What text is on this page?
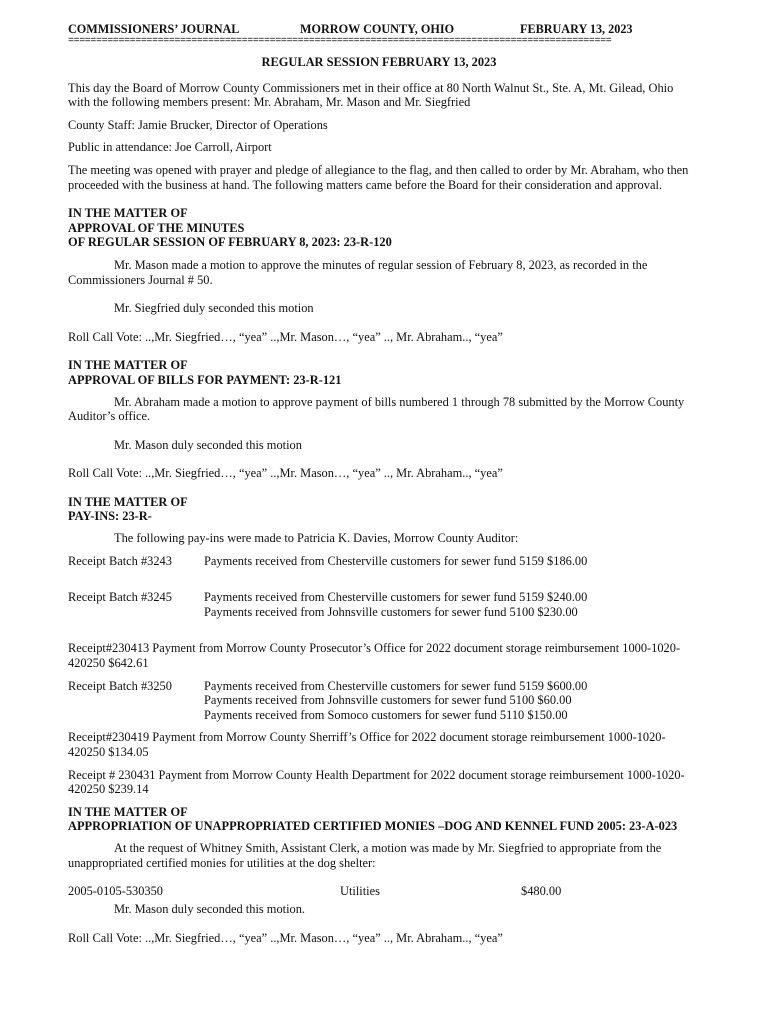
COMMISSIONERS’ JOURNAL	MORROW COUNTY, OHIO	FEBRUARY 13, 2023
=================================================================================================

REGULAR SESSION FEBRUARY 13, 2023

This day the Board of Morrow County Commissioners met in their office at 80 North Walnut St., Ste. A, Mt. Gilead, Ohio with the following members present: Mr. Abraham, Mr. Mason and Mr. Siegfried

County Staff: Jamie Brucker, Director of Operations

Public in attendance: Joe Carroll, Airport

The meeting was opened with prayer and pledge of allegiance to the flag, and then called to order by Mr. Abraham, who then proceeded with the business at hand. The following matters came before the Board for their consideration and approval.

IN THE MATTER OF

APPROVAL OF THE MINUTES

OF REGULAR SESSION OF FEBRUARY 8, 2023: 23-R-120

Mr. Mason made a motion to approve the minutes of regular session of February 8, 2023, as recorded in the Commissioners Journal # 50.

Mr. Siegfried duly seconded this motion

Roll Call Vote: ..,Mr. Siegfried…, “yea” ..,Mr. Mason…, “yea” .., Mr. Abraham.., “yea”

IN THE MATTER OF

APPROVAL OF BILLS FOR PAYMENT: 23-R-121

Mr. Abraham made a motion to approve payment of bills numbered 1 through 78 submitted by the Morrow County Auditor’s office.

Mr. Mason duly seconded this motion

Roll Call Vote: ..,Mr. Siegfried…, “yea” ..,Mr. Mason…, “yea” .., Mr. Abraham.., “yea”

IN THE MATTER OF

PAY-INS: 23-R-

The following pay-ins were made to Patricia K. Davies, Morrow County Auditor:

Receipt Batch #3243	Payments received from Chesterville customers for sewer fund 5159 $186.00

Receipt Batch #3245	Payments received from Chesterville customers for sewer fund 5159 $240.00

Payments received from Johnsville customers for sewer fund 5100 $230.00

Receipt#230413 Payment from Morrow County Prosecutor’s Office for 2022 document storage reimbursement 1000-1020-420250 $642.61

Receipt Batch #3250	Payments received from Chesterville customers for sewer fund 5159 $600.00

Payments received from Johnsville customers for sewer fund 5100 $60.00

Payments received from Somoco customers for sewer fund 5110 $150.00

Receipt#230419 Payment from Morrow County Sherriff’s Office for 2022 document storage reimbursement 1000-1020-420250 $134.05

Receipt # 230431 Payment from Morrow County Health Department for 2022 document storage reimbursement 1000-1020-420250 $239.14

IN THE MATTER OF

APPROPRIATION OF UNAPPROPRIATED CERTIFIED MONIES –DOG AND KENNEL FUND 2005: 23-A-023

At the request of Whitney Smith, Assistant Clerk, a motion was made by Mr. Siegfried to appropriate from the unappropriated certified monies for utilities at the dog shelter:

2005-0105-530350	Utilities	$480.00

Mr. Mason duly seconded this motion.

Roll Call Vote: ..,Mr. Siegfried…, “yea” ..,Mr. Mason…, “yea” .., Mr. Abraham.., “yea”
